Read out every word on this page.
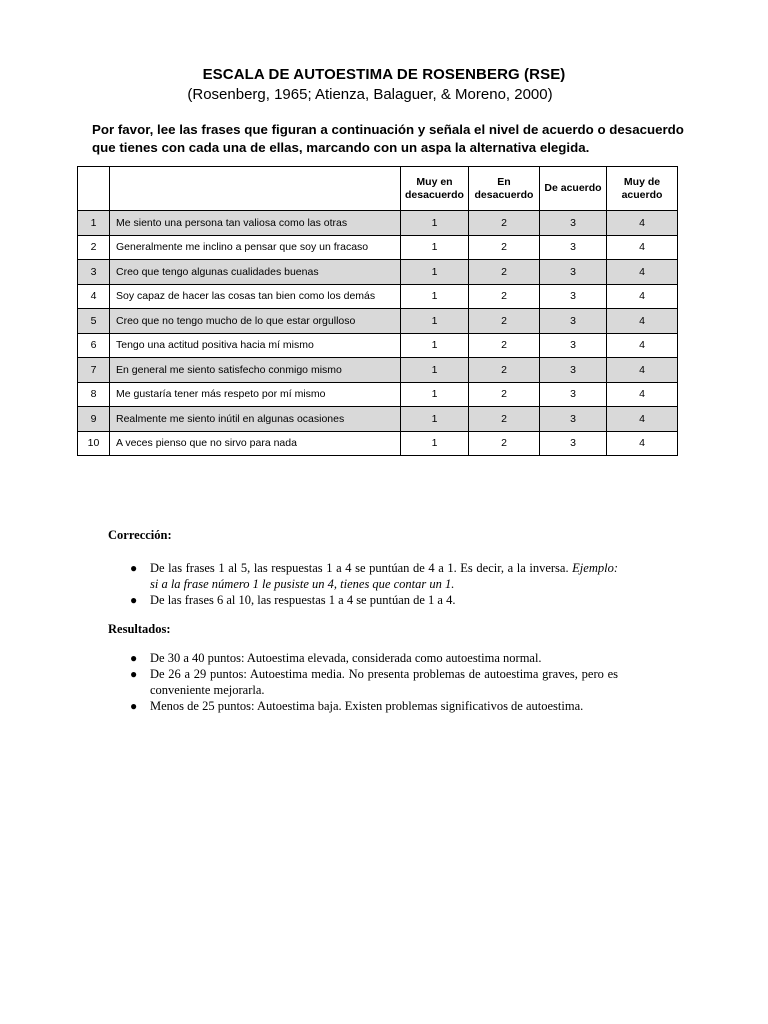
ESCALA DE AUTOESTIMA DE ROSENBERG (RSE)
(Rosenberg, 1965; Atienza, Balaguer, & Moreno, 2000)
Por favor, lee las frases que figuran a continuación y señala el nivel de acuerdo o desacuerdo que tienes con cada una de ellas, marcando con un aspa la alternativa elegida.
		Muy en desacuerdo	En desacuerdo	De acuerdo	Muy de acuerdo
1	Me siento una persona tan valiosa como las otras	1	2	3	4
2	Generalmente me inclino a pensar que soy un fracaso	1	2	3	4
3	Creo que tengo algunas cualidades buenas	1	2	3	4
4	Soy capaz de hacer las cosas tan bien como los demás	1	2	3	4
5	Creo que no tengo mucho de lo que estar orgulloso	1	2	3	4
6	Tengo una actitud positiva hacia mí mismo	1	2	3	4
7	En general me siento satisfecho conmigo mismo	1	2	3	4
8	Me gustaría tener más respeto por mí mismo	1	2	3	4
9	Realmente me siento inútil en algunas ocasiones	1	2	3	4
10	A veces pienso que no sirvo para nada	1	2	3	4
Corrección:
● De las frases 1 al 5, las respuestas 1 a 4 se puntúan de 4 a 1. Es decir, a la inversa. Ejemplo: si a la frase número 1 le pusiste un 4, tienes que contar un 1.
● De las frases 6 al 10, las respuestas 1 a 4 se puntúan de 1 a 4.
Resultados:
● De 30 a 40 puntos: Autoestima elevada, considerada como autoestima normal.
● De 26 a 29 puntos: Autoestima media. No presenta problemas de autoestima graves, pero es conveniente mejorarla.
● Menos de 25 puntos: Autoestima baja. Existen problemas significativos de autoestima.
